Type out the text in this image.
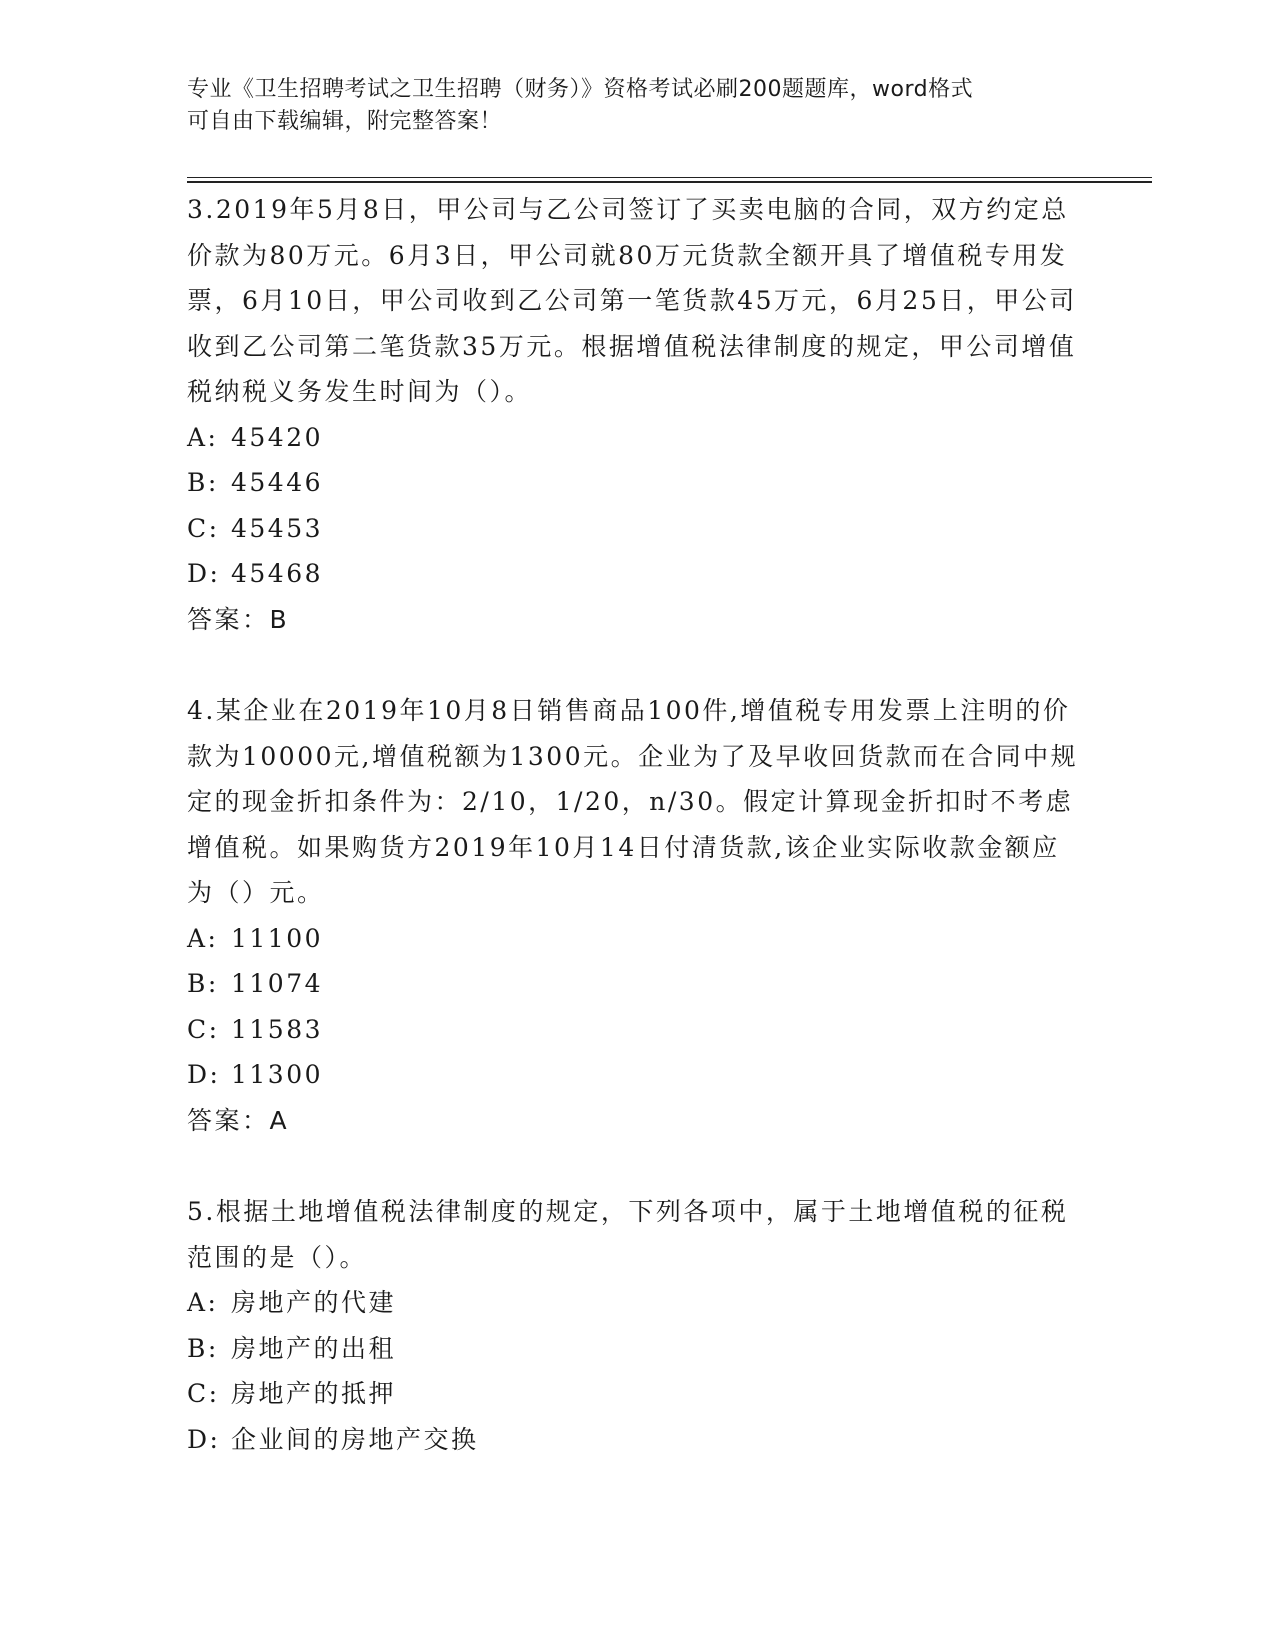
专业《卫生招聘考试之卫生招聘（财务）》资格考试必刷200题题库，word格式
可自由下载编辑，附完整答案！
3.2019年5月8日，甲公司与乙公司签订了买卖电脑的合同，双方约定总价款为80万元。6月3日，甲公司就80万元货款全额开具了增值税专用发票，6月10日，甲公司收到乙公司第一笔货款45万元，6月25日，甲公司收到乙公司第二笔货款35万元。根据增值税法律制度的规定，甲公司增值税纳税义务发生时间为（）。
A: 45420
B: 45446
C: 45453
D: 45468
答案：B
4.某企业在2019年10月8日销售商品100件,增值税专用发票上注明的价款为10000元,增值税额为1300元。企业为了及早收回货款而在合同中规定的现金折扣条件为：2/10，1/20，n/30。假定计算现金折扣时不考虑增值税。如果购货方2019年10月14日付清货款,该企业实际收款金额应为（）元。
A: 11100
B: 11074
C: 11583
D: 11300
答案：A
5.根据土地增值税法律制度的规定，下列各项中，属于土地增值税的征税范围的是（）。
A: 房地产的代建
B: 房地产的出租
C: 房地产的抵押
D: 企业间的房地产交换
